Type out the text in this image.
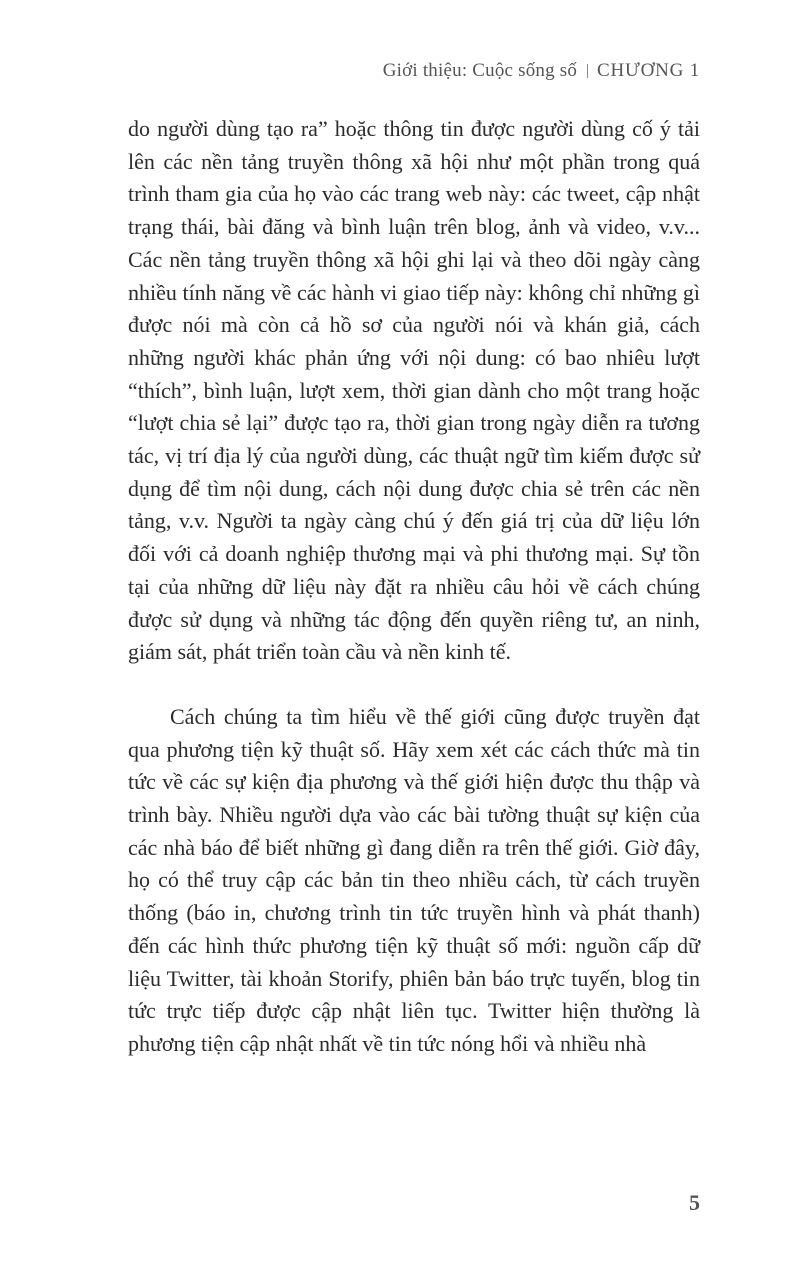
Giới thiệu: Cuộc sống số CHƯƠNG 1

do người dùng tạo ra” hoặc thông tin được người dùng cố ý tải lên các nền tảng truyền thông xã hội như một phần trong quá trình tham gia của họ vào các trang web này: các tweet, cập nhật trạng thái, bài đăng và bình luận trên blog, ảnh và video, v.v... Các nền tảng truyền thông xã hội ghi lại và theo dõi ngày càng nhiều tính năng về các hành vi giao tiếp này: không chỉ những gì được nói mà còn cả hồ sơ của người nói và khán giả, cách những người khác phản ứng với nội dung: có bao nhiêu lượt “thích”, bình luận, lượt xem, thời gian dành cho một trang hoặc “lượt chia sẻ lại” được tạo ra, thời gian trong ngày diễn ra tương tác, vị trí địa lý của người dùng, các thuật ngữ tìm kiếm được sử dụng để tìm nội dung, cách nội dung được chia sẻ trên các nền tảng, v.v. Người ta ngày càng chú ý đến giá trị của dữ liệu lớn đối với cả doanh nghiệp thương mại và phi thương mại. Sự tồn tại của những dữ liệu này đặt ra nhiều câu hỏi về cách chúng được sử dụng và những tác động đến quyền riêng tư, an ninh, giám sát, phát triển toàn cầu và nền kinh tế.

Cách chúng ta tìm hiểu về thế giới cũng được truyền đạt qua phương tiện kỹ thuật số. Hãy xem xét các cách thức mà tin tức về các sự kiện địa phương và thế giới hiện được thu thập và trình bày. Nhiều người dựa vào các bài tường thuật sự kiện của các nhà báo để biết những gì đang diễn ra trên thế giới. Giờ đây, họ có thể truy cập các bản tin theo nhiều cách, từ cách truyền thống (báo in, chương trình tin tức truyền hình và phát thanh) đến các hình thức phương tiện kỹ thuật số mới: nguồn cấp dữ liệu Twitter, tài khoản Storify, phiên bản báo trực tuyến, blog tin tức trực tiếp được cập nhật liên tục. Twitter hiện thường là phương tiện cập nhật nhất về tin tức nóng hổi và nhiều nhà

5
